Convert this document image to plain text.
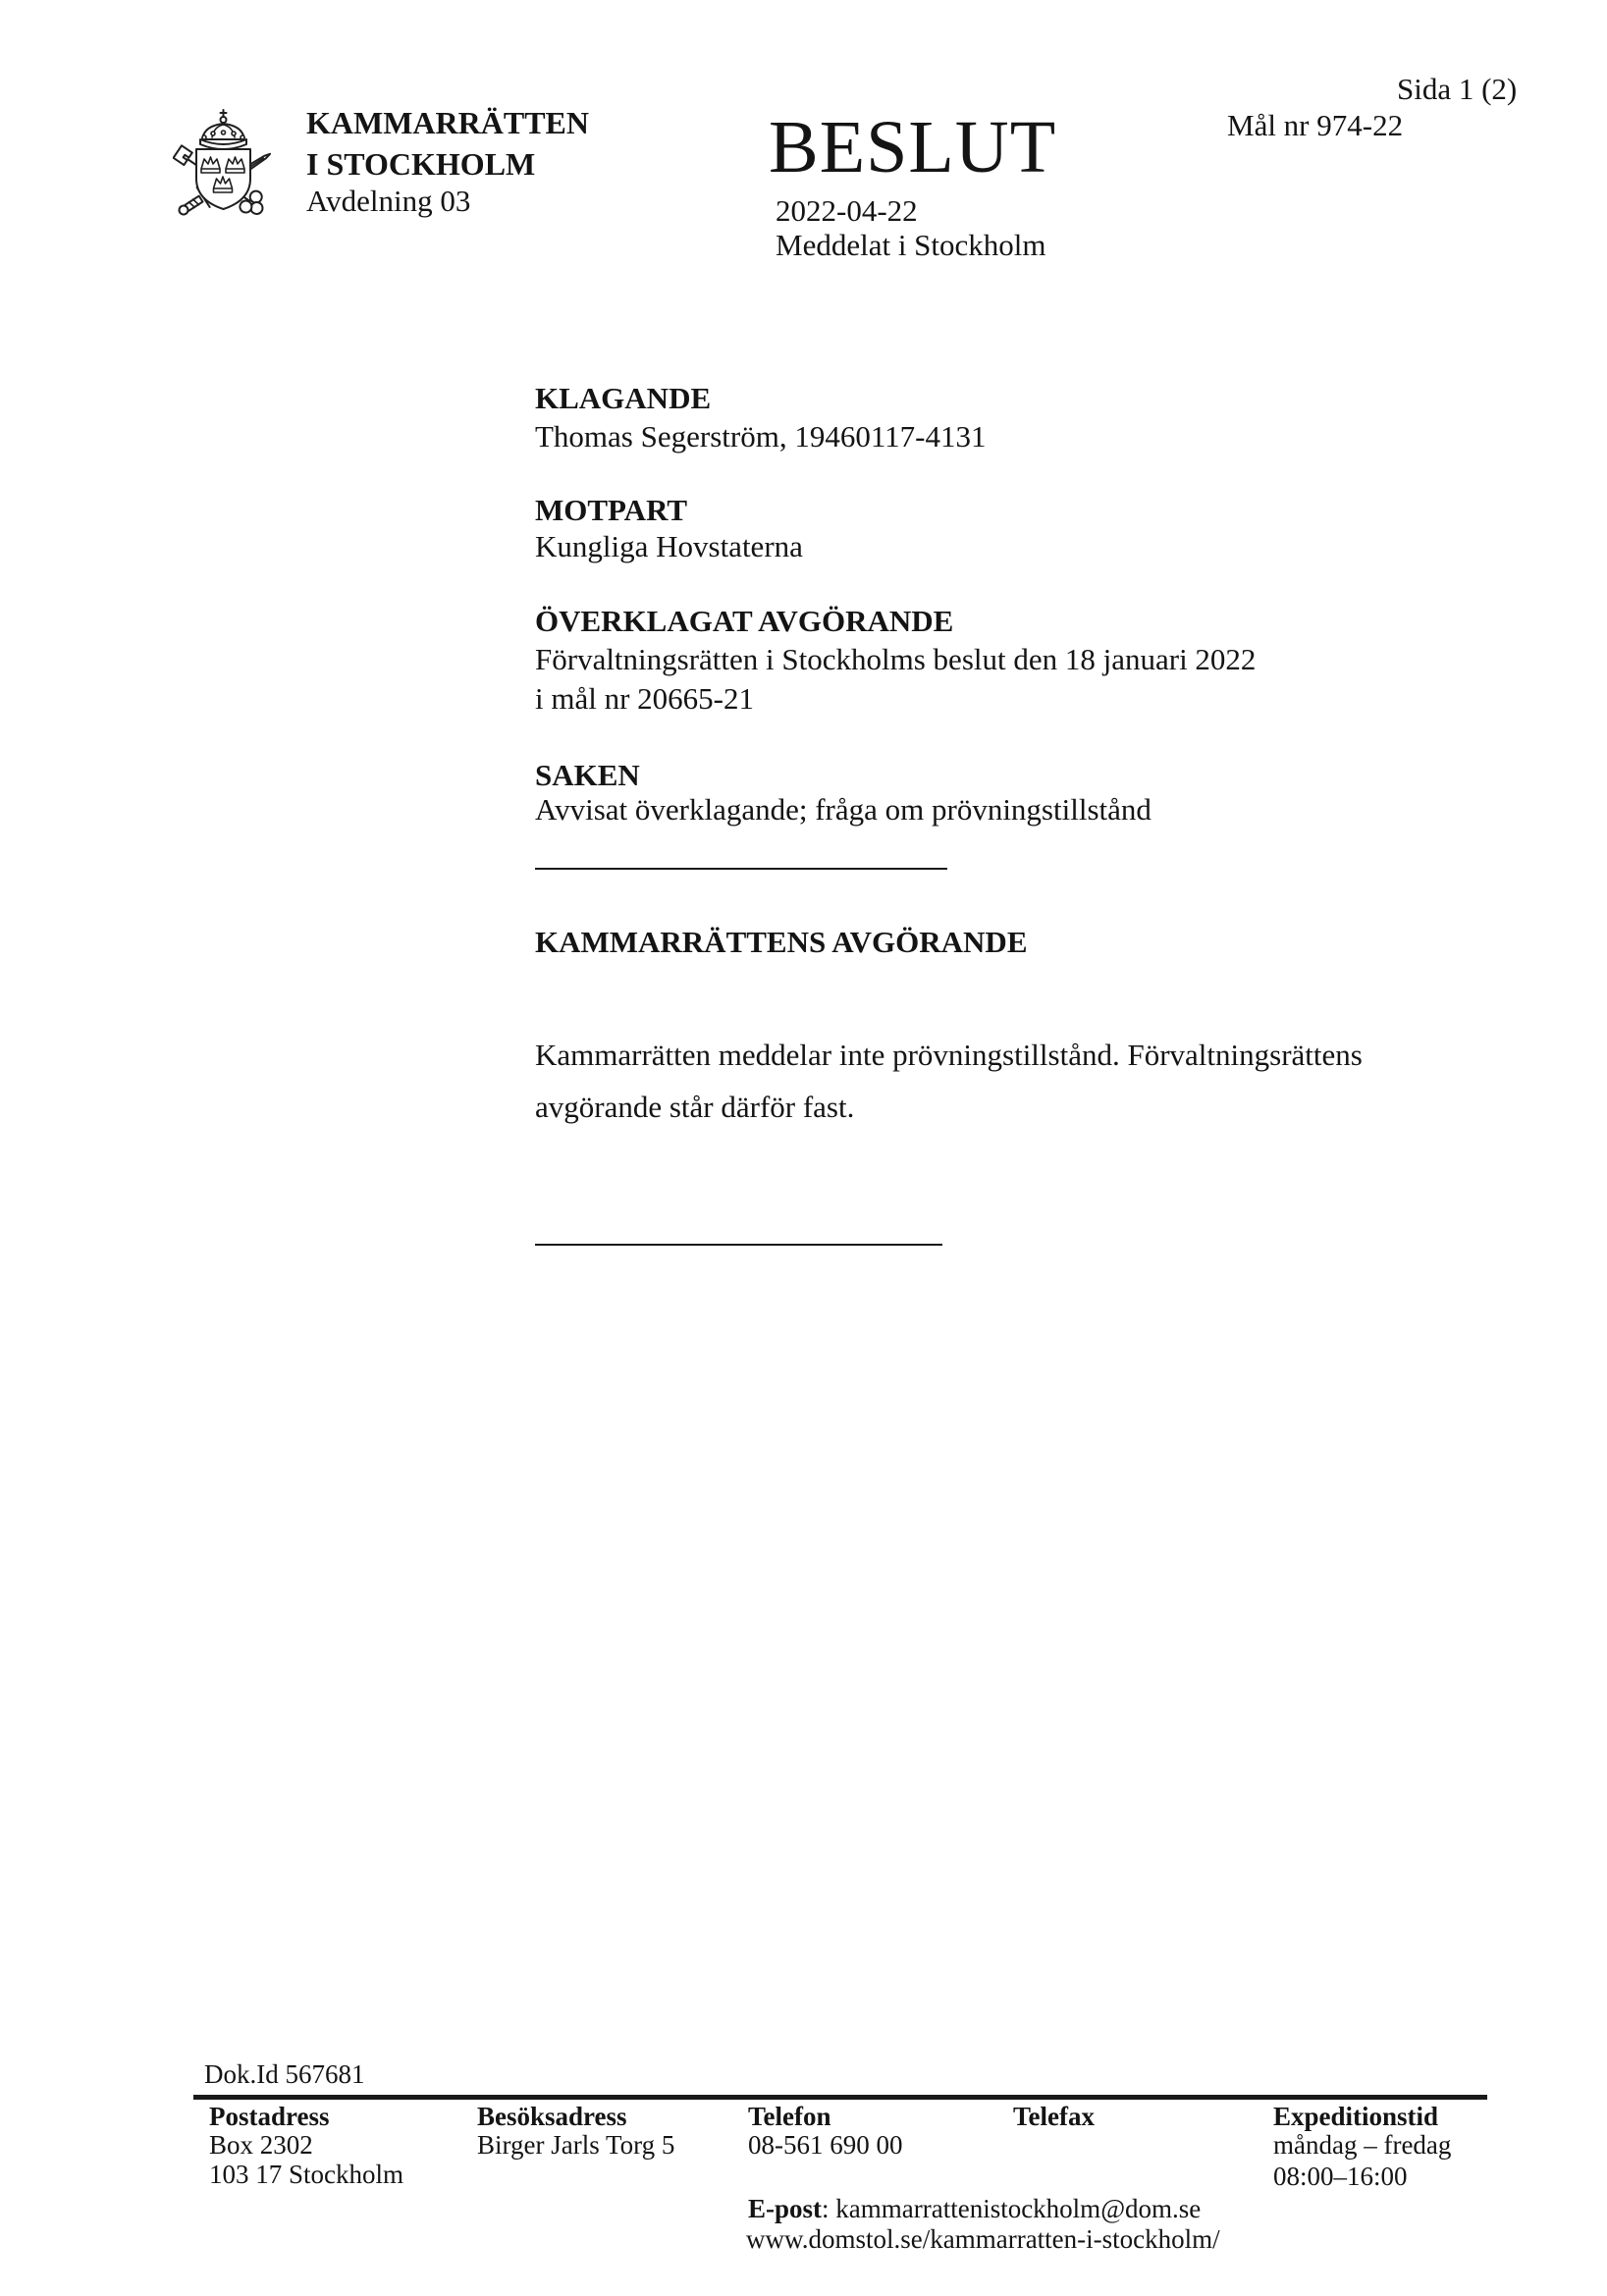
KAMMARRÄTTEN
I STOCKHOLM
Avdelning 03
BESLUT
2022-04-22
Meddelat i Stockholm
Sida 1 (2)
Mål nr 974-22
KLAGANDE
Thomas Segerström, 19460117-4131
MOTPART
Kungliga Hovstaterna
ÖVERKLAGAT AVGÖRANDE
Förvaltningsrätten i Stockholms beslut den 18 januari 2022
i mål nr 20665-21
SAKEN
Avvisat överklagande; fråga om prövningstillstånd
KAMMARRÄTTENS AVGÖRANDE
Kammarrätten meddelar inte prövningstillstånd. Förvaltningsrättens
avgörande står därför fast.
Dok.Id 567681
Postadress
Box 2302
103 17 Stockholm
Besöksadress
Birger Jarls Torg 5
Telefon
08-561 690 00
E-post: kammarrattenistockholm@dom.se
www.domstol.se/kammarratten-i-stockholm/
Telefax	Expeditionstid
måndag – fredag
08:00–16:00
